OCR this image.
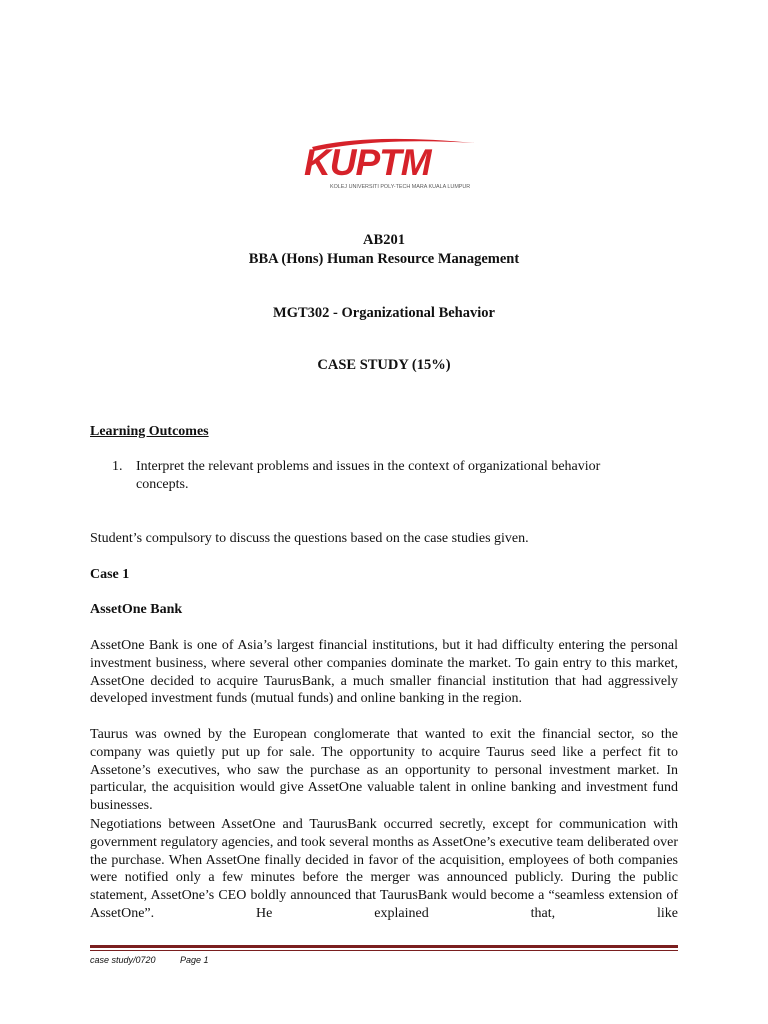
KUPTM
KOLEJ UNIVERSITI POLY-TECH MARA KUALA LUMPUR
AB201
BBA (Hons) Human Resource Management
MGT302 - Organizational Behavior
CASE STUDY (15%)
Learning Outcomes
1. Interpret the relevant problems and issues in the context of organizational behavior
concepts.
Student’s compulsory to discuss the questions based on the case studies given.
Case 1
AssetOne Bank
AssetOne Bank is one of Asia’s largest financial institutions, but it had difficulty entering the personal investment business, where several other companies dominate the market. To gain entry to this market, AssetOne decided to acquire TaurusBank, a much smaller financial institution that had aggressively developed investment funds (mutual funds) and online banking in the region.
Taurus was owned by the European conglomerate that wanted to exit the financial sector, so the company was quietly put up for sale. The opportunity to acquire Taurus seed like a perfect fit to Assetone’s executives, who saw the purchase as an opportunity to personal investment market. In particular, the acquisition would give AssetOne valuable talent in online banking and investment fund businesses.
Negotiations between AssetOne and TaurusBank occurred secretly, except for communication with government regulatory agencies, and took several months as AssetOne’s executive team deliberated over the purchase. When AssetOne finally decided in favor of the acquisition, employees of both companies were notified only a few minutes before the merger was announced publicly. During the public statement, AssetOne’s CEO boldly announced that TaurusBank would become a “seamless extension of AssetOne”. He explained that, like
case study/0720	Page 1
